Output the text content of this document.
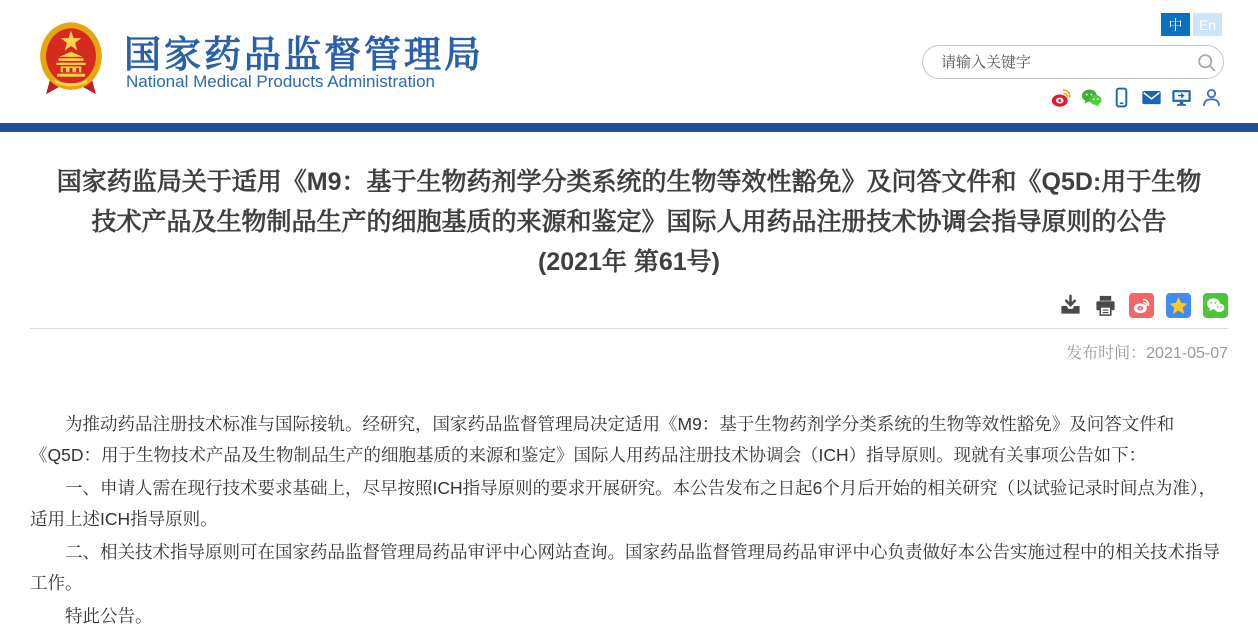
国家药品监督管理局
National Medical Products Administration
中	En
请输入关键字
国家药监局关于适用《M9：基于生物药剂学分类系统的生物等效性豁免》及问答文件和《Q5D:用于生物
技术产品及生物制品生产的细胞基质的来源和鉴定》国际人用药品注册技术协调会指导原则的公告
(2021年 第61号)
发布时间：2021-05-07

为推动药品注册技术标准与国际接轨。经研究，国家药品监督管理局决定适用《M9：基于生物药剂学分类系统的生物等效性豁免》及问答文件和《Q5D：用于生物技术产品及生物制品生产的细胞基质的来源和鉴定》国际人用药品注册技术协调会（ICH）指导原则。现就有关事项公告如下：

一、申请人需在现行技术要求基础上，尽早按照ICH指导原则的要求开展研究。本公告发布之日起6个月后开始的相关研究（以试验记录时间点为准），适用上述ICH指导原则。

二、相关技术指导原则可在国家药品监督管理局药品审评中心网站查询。国家药品监督管理局药品审评中心负责做好本公告实施过程中的相关技术指导工作。

特此公告。
